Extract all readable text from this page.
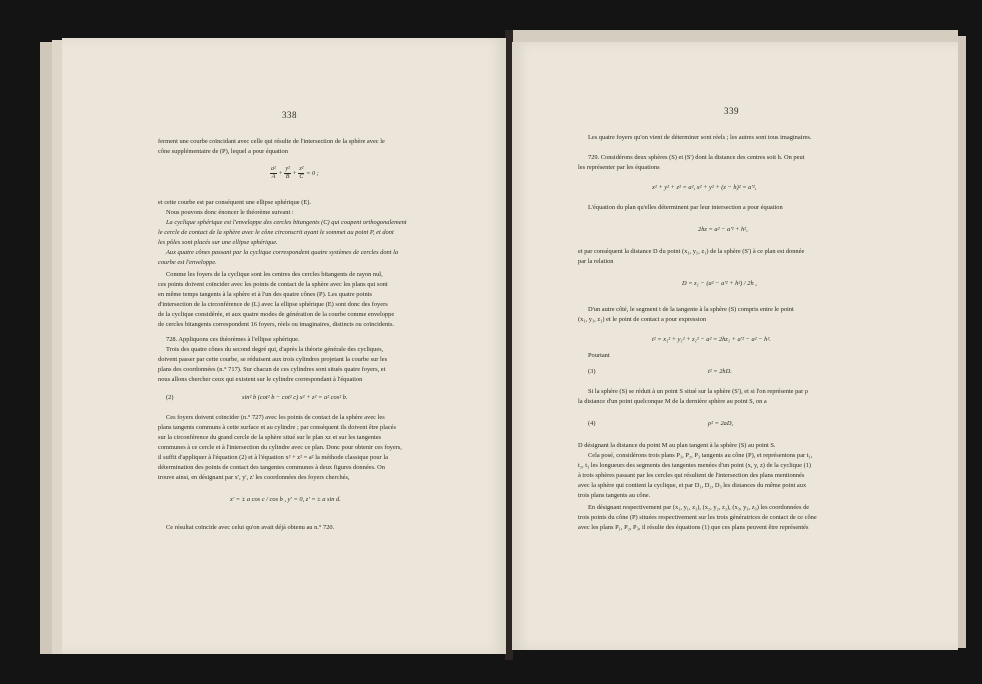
338
ferment une courbe coïncidant avec celle qui résulte de l'intersection de la sphère avec le
cône supplémentaire de (P), lequel a pour équation
$\frac{\text{a²}}{A} + \frac{\text{y²}}{B} + \frac{\text{z²}}{C} = 0$ ;
et cette courbe est par conséquent une ellipse sphérique (E).
Nous pouvons donc énoncer le théorème suivant :
La cyclique sphérique est l'enveloppe des cercles bitangents (C) qui coupent orthogonalement
le cercle de contact de la sphère avec le cône circonscrit ayant le sommet au point P, et dont
les pôles sont placés sur une ellipse sphérique.
Aux quatre cônes passant par la cyclique correspondent quatre systèmes de cercles dont la
courbe est l'enveloppe.
Comme les foyers de la cyclique sont les centres des cercles bitangents de rayon nul,
ces points doivent coïncider avec les points de contact de la sphère avec les plans qui sont
en même temps tangents à la sphère et à l'un des quatre cônes (P). Les quatre points
d'intersection de la circonférence de (L) avec la ellipse sphérique (E) sont donc des foyers
de la cyclique considérée, et aux quatre modes de génération de la courbe comme enveloppe
de cercles bitangents correspondent 16 foyers, réels ou imaginaires, distincts ou coïncidents.
728. Appliquons ces théorèmes à l'ellipse sphérique.
Trois des quatre cônes du second degré qui, d'après la théorie générale des cycliques,
doivent passer par cette courbe, se réduisent aux trois cylindres projetant la courbe sur les
plans des coordonnées (n.° 717). Sur chacun de ces cylindres sont situés quatre foyers, et
nous allons chercher ceux qui existent sur le cylindre correspondant à l'équation
(2)	sin² b (cot² b − cot² c) x² + z² = a² cos² b.
Ces foyers doivent coïncider (n.° 727) avec les points de contact de la sphère avec les
plans tangents communs à cette surface et au cylindre ; par conséquent ils doivent être placés
sur la circonférence du grand cercle de la sphère situé sur le plan xz et sur les tangentes
communes à ce cercle et à l'intersection du cylindre avec ce plan. Donc pour obtenir ces foyers,
il suffit d'appliquer à l'équation (2) et à l'équation x² + z² = a² la méthode classique pour la
détermination des points de contact des tangentes communes à deux figures données. On
trouve ainsi, en désignant par x', y', z' les coordonnées des foyers cherchés,
x' = ± a cos c / cos b , y' = 0, z' = ± a sin d.
Ce résultat coïncide avec celui qu'on avait déjà obtenu au n.° 720.
339
Les quatre foyers qu'on vient de déterminer sont réels ; les autres sont tous imaginaires.
729. Considérons deux sphères (S) et (S') dont la distance des centres soit h. On peut
les représenter par les équations
x² + y² + z² = a², x² + y² + (z − h)² = a'²,
L'équation du plan qu'elles déterminent par leur intersection a pour équation
2hz = a² − a'² + h²,
et par conséquent la distance D du point (x₁, y₁, z₁) de la sphère (S') à ce plan est donnée
par la relation
D = z₁ − (a² − a'² + h²) / 2h ,
D'un autre côté, le segment t de la tangente à la sphère (S) compris entre le point
(x₁, y₁, z₁) et le point de contact a pour expression
t² = x₁² + y₁² + z₁² − a² = 2hz₁ + a'² − a² − h².
Pourtant
(3)	t² = 2hD.
Si la sphère (S) se réduit à un point S situé sur la sphère (S'), et si l'on représente par ρ
la distance d'un point quelconque M de la dernière sphère au point S, on a
(4)	ρ² = 2aD,
D désignant la distance du point M au plan tangent à la sphère (S) au point S.
Cela posé, considérons trois plans P₁, P₂, P₃ tangents au cône (P), et représentons par t₁,
t₂, t₃ les longueurs des segments des tangentes menées d'un point (x, y, z) de la cyclique (1)
à trois sphères passant par les cercles qui résultent de l'intersection des plans mentionnés
avec la sphère qui contient la cyclique, et par D₁, D₂, D₃ les distances du même point aux
trois plans tangents au cône.
En désignant respectivement par (x₁, y₁, z₁), (x₂, y₂, z₂), (x₃, y₃, z₃) les coordonnées de
trois points du cône (P) situées respectivement sur les trois génératrices de contact de ce cône
avec les plans P₁, P₂, P₃, il résulte des équations (1) que ces plans peuvent être représentés
